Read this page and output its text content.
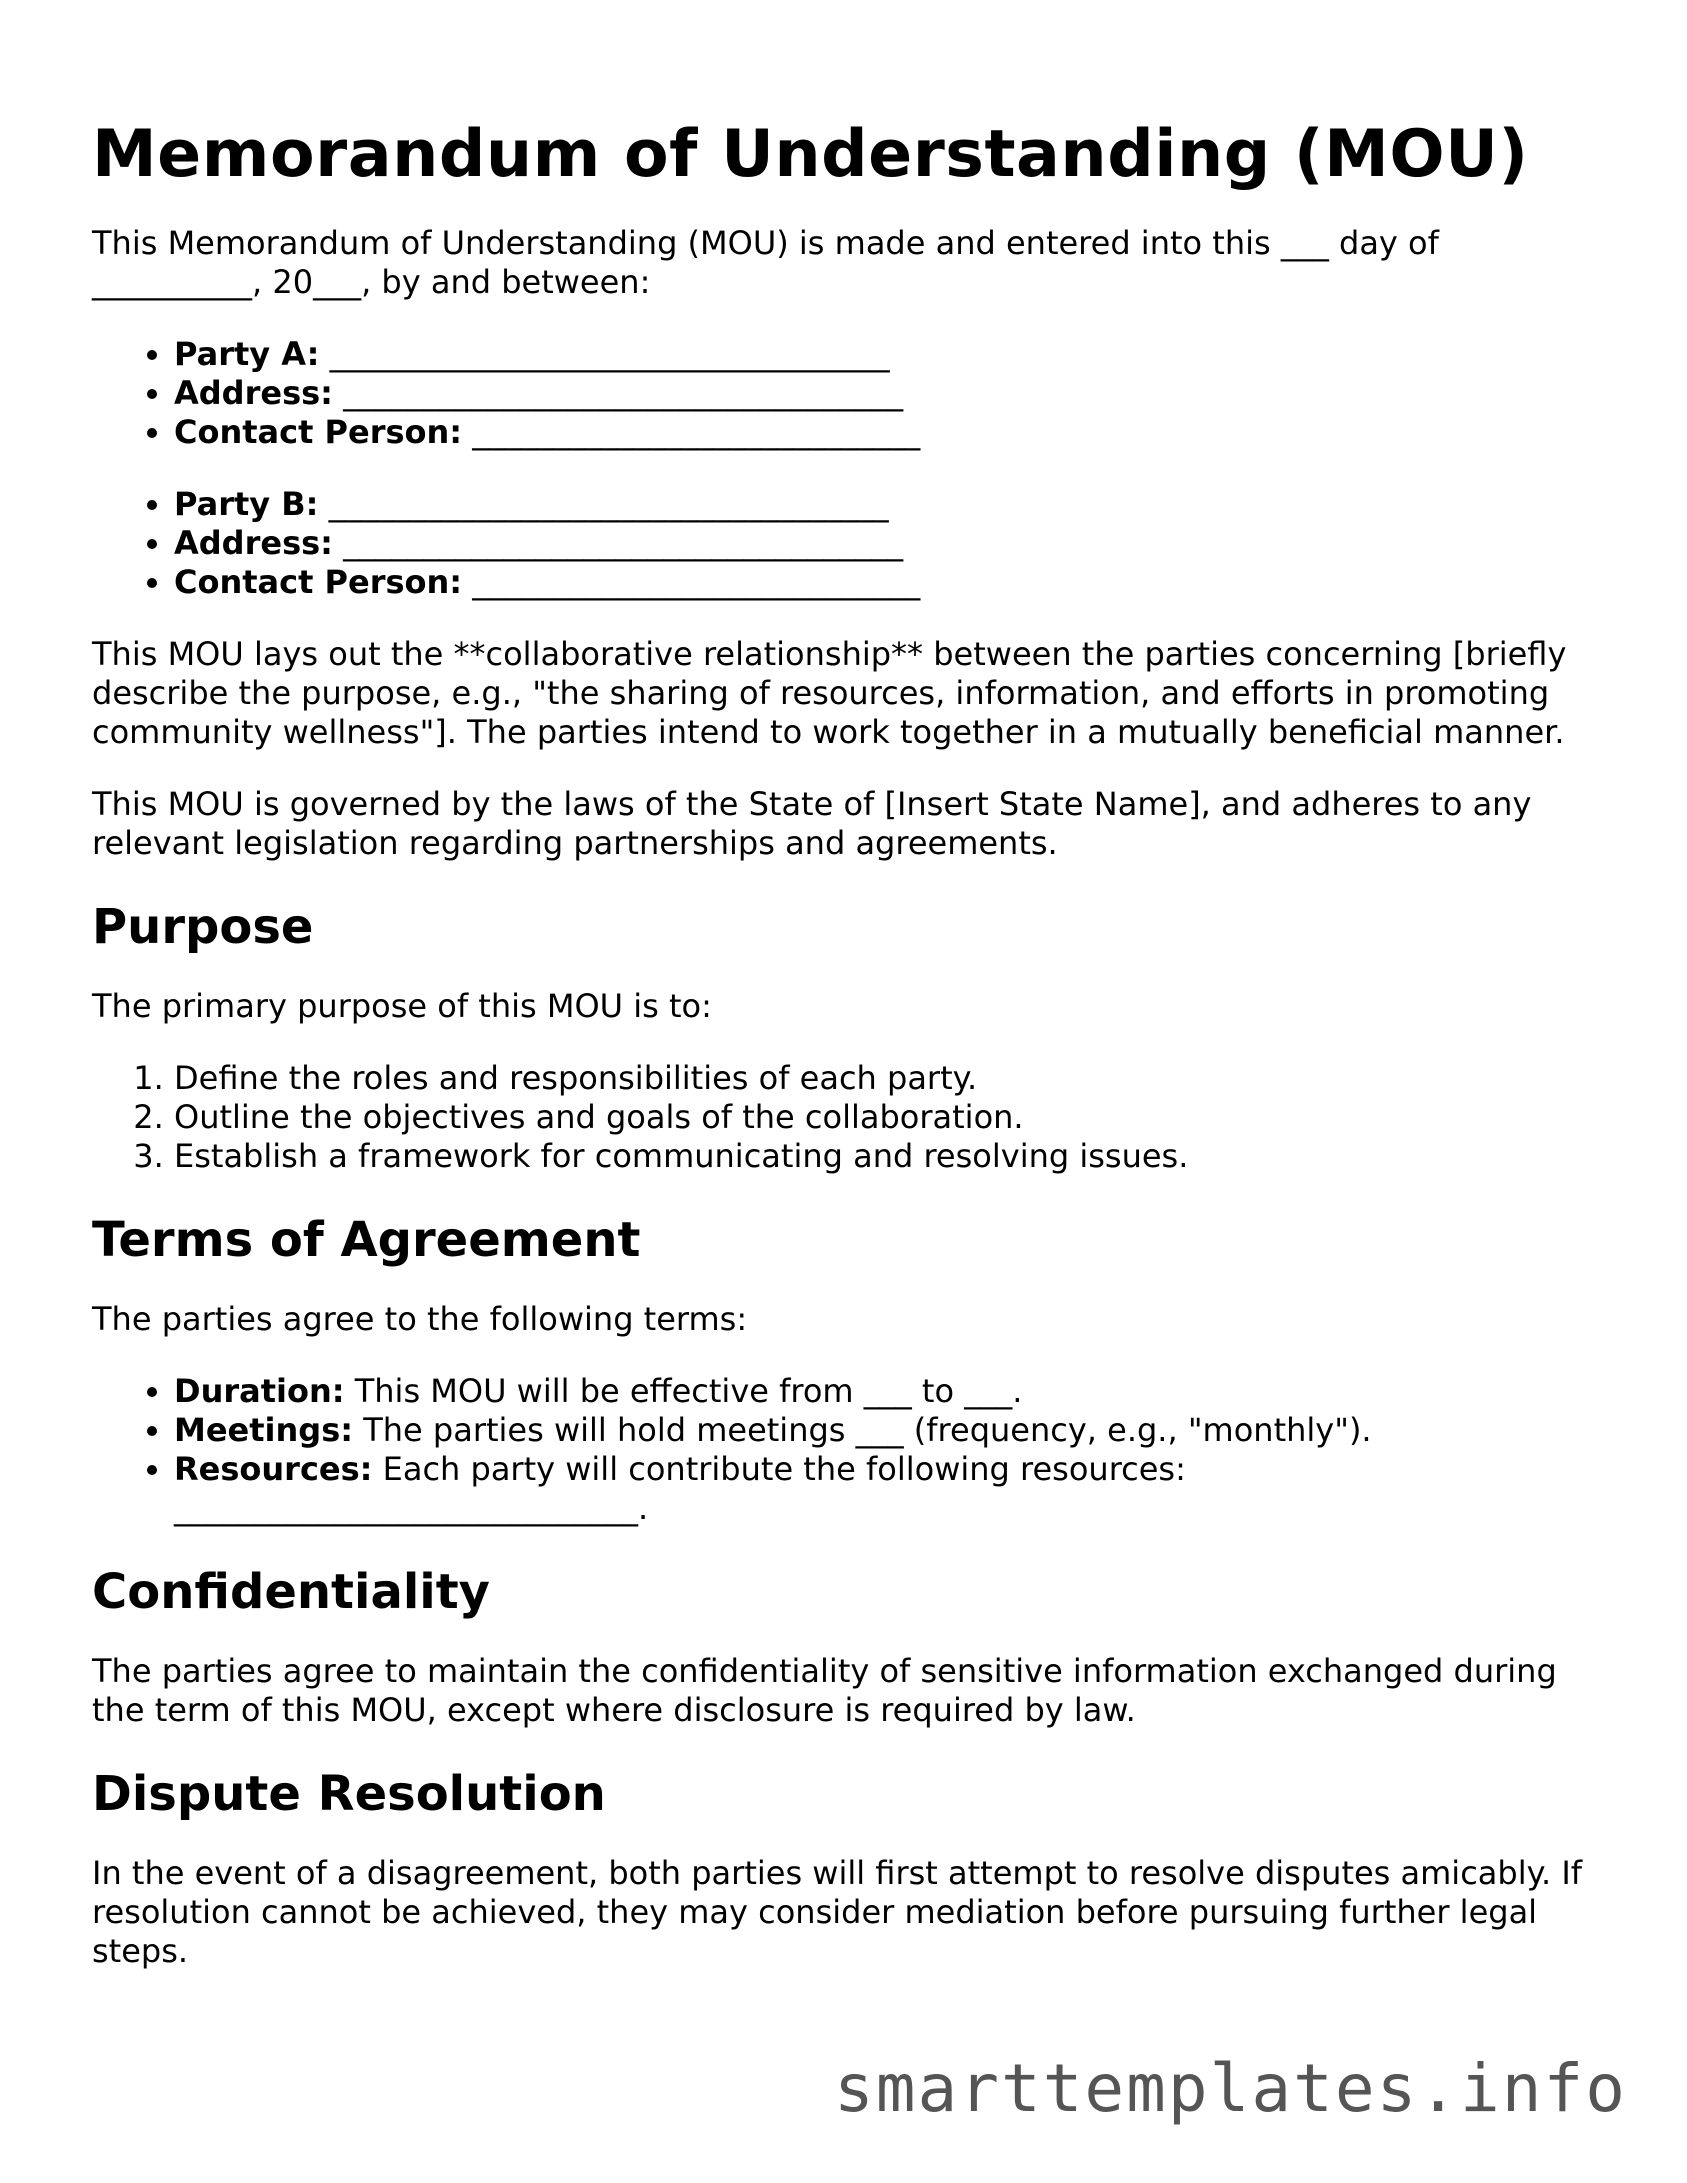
Memorandum of Understanding (MOU)

This Memorandum of Understanding (MOU) is made and entered into this ___ day of __________, 20___, by and between:

• Party A: ___________________________________
• Address: ___________________________________
• Contact Person: ____________________________
• Party B: ___________________________________
• Address: ___________________________________
• Contact Person: ____________________________

This MOU lays out the **collaborative relationship** between the parties concerning [briefly describe the purpose, e.g., "the sharing of resources, information, and efforts in promoting community wellness"]. The parties intend to work together in a mutually beneficial manner.

This MOU is governed by the laws of the State of [Insert State Name], and adheres to any relevant legislation regarding partnerships and agreements.

Purpose

The primary purpose of this MOU is to:

1. Define the roles and responsibilities of each party.
2. Outline the objectives and goals of the collaboration.
3. Establish a framework for communicating and resolving issues.
Terms of Agreement

The parties agree to the following terms:

• Duration: This MOU will be effective from ___ to ___.
• Meetings: The parties will hold meetings ___ (frequency, e.g., "monthly").
• Resources: Each party will contribute the following resources: _____________________________.
Confidentiality

The parties agree to maintain the confidentiality of sensitive information exchanged during the term of this MOU, except where disclosure is required by law.

Dispute Resolution

In the event of a disagreement, both parties will first attempt to resolve disputes amicably. If resolution cannot be achieved, they may consider mediation before pursuing further legal steps.

smarttemplates.info
